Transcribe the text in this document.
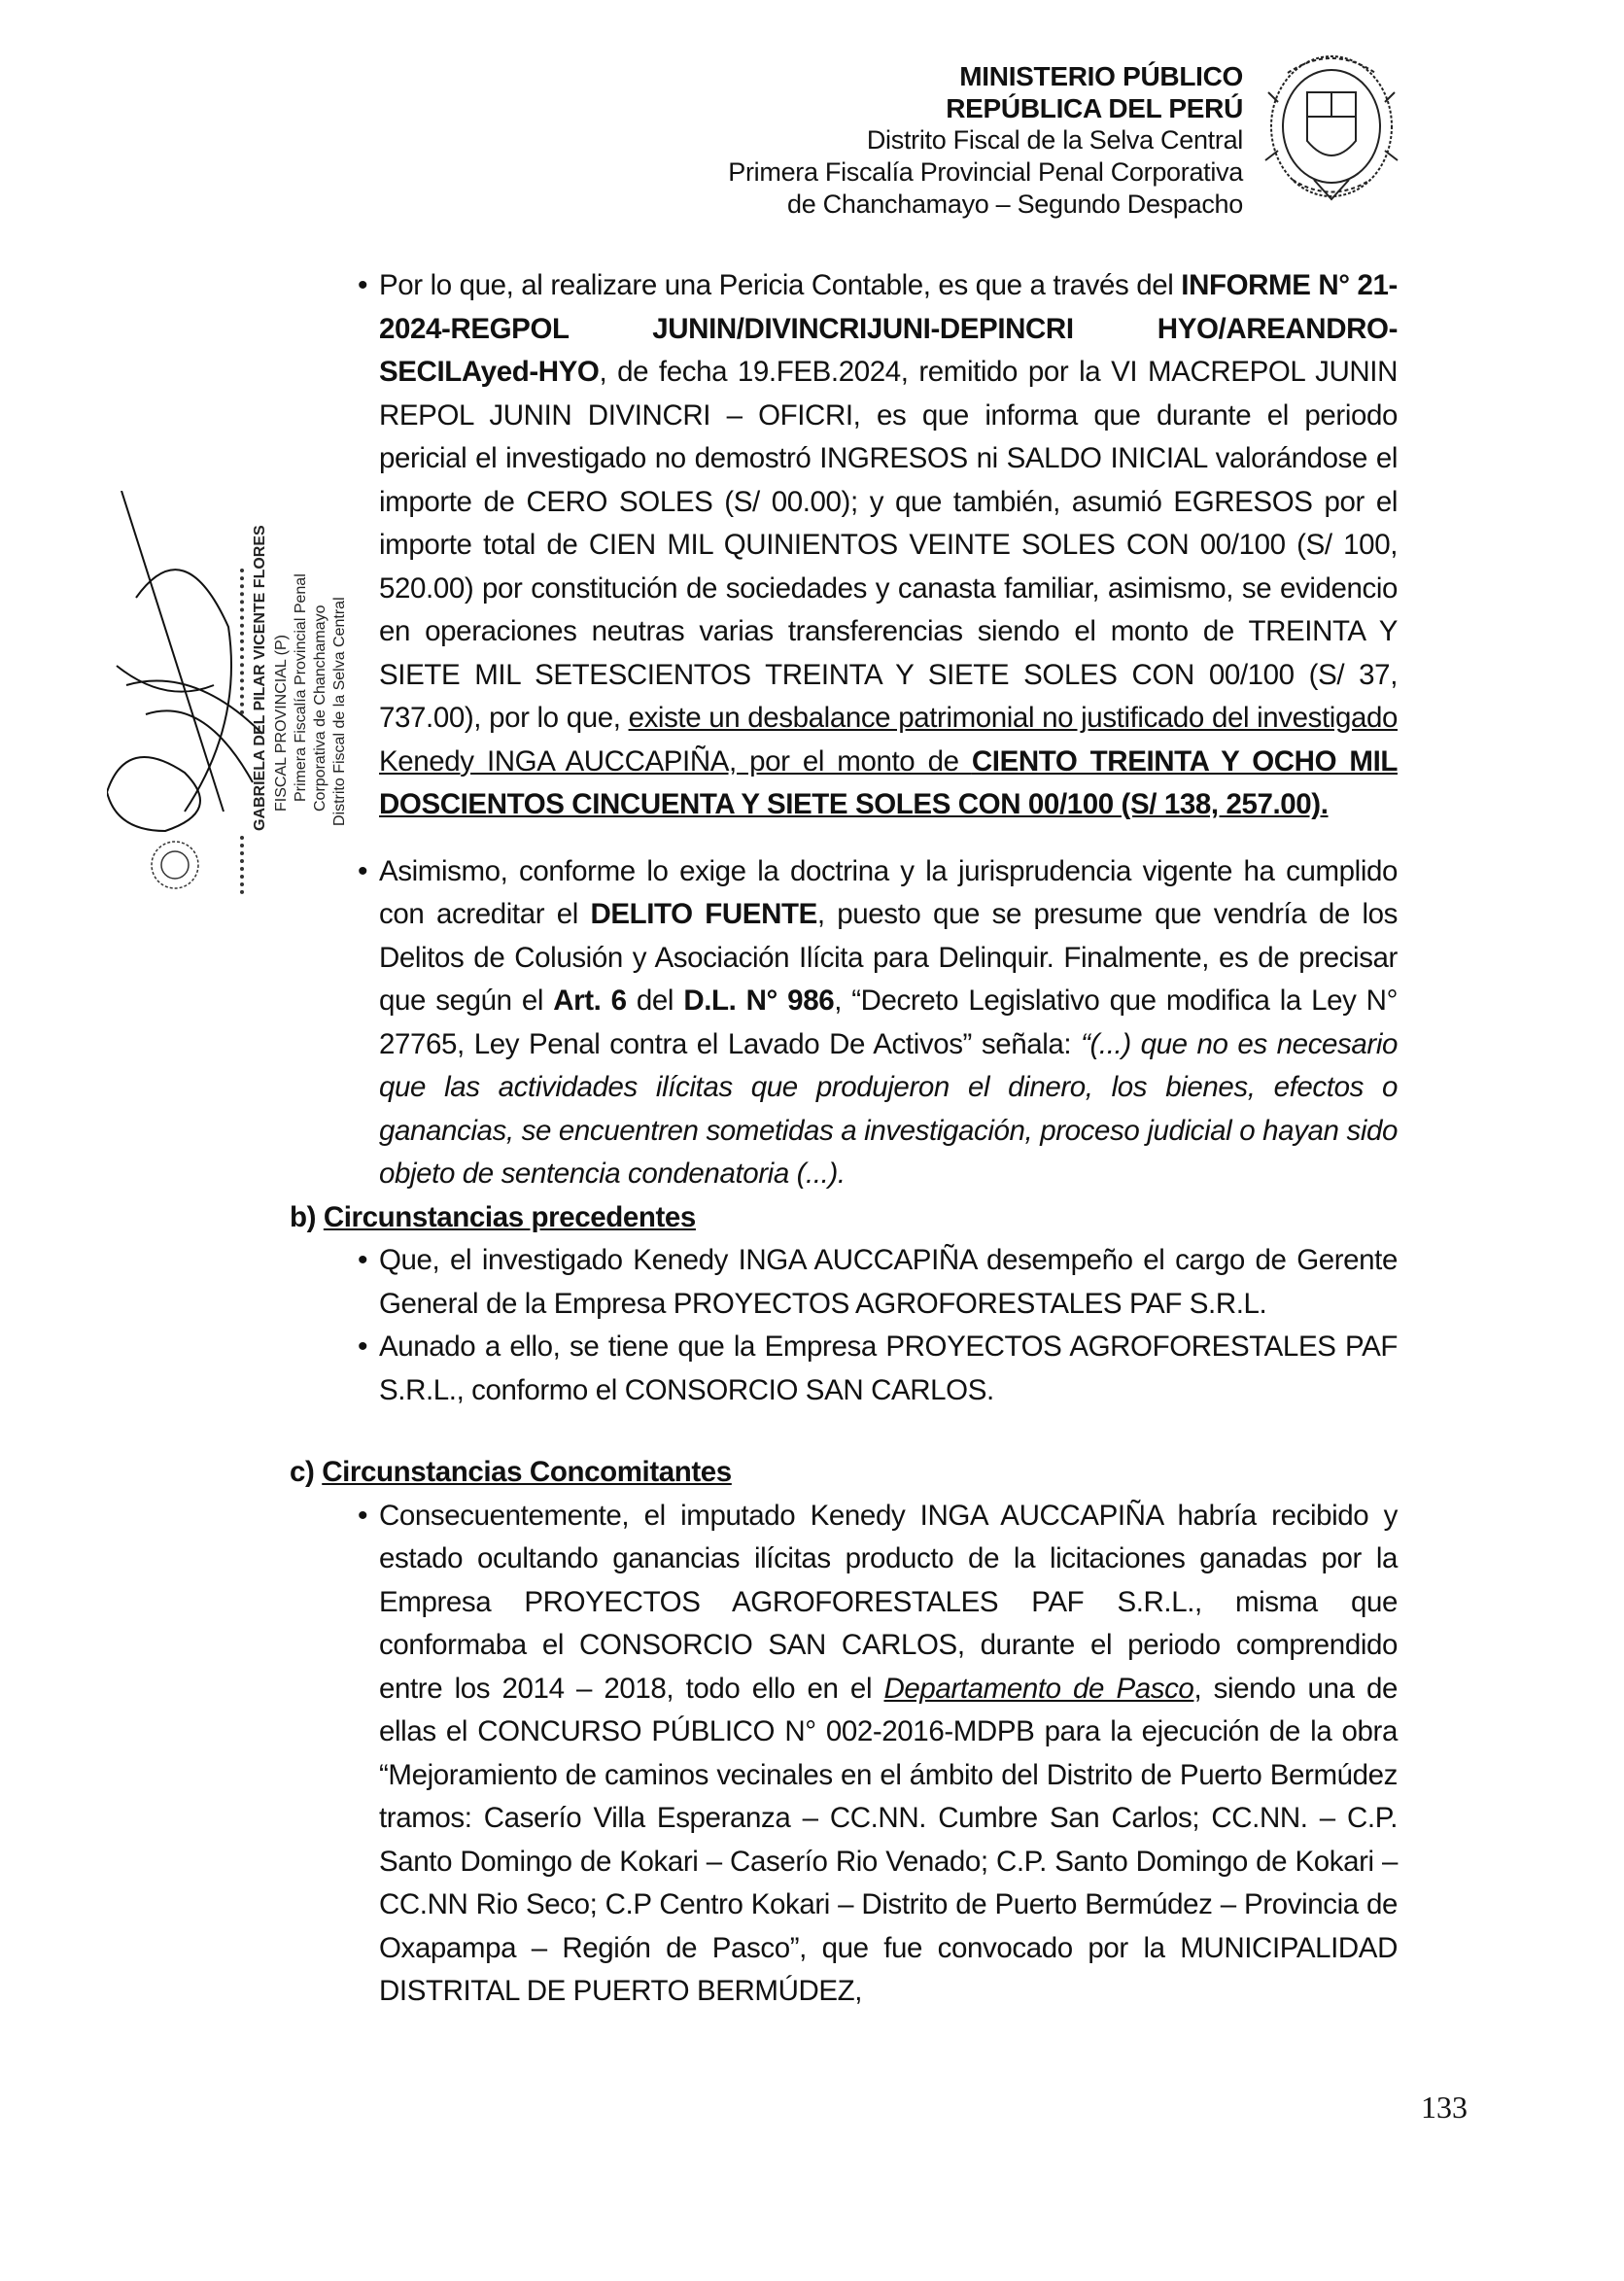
MINISTERIO PÚBLICO
REPÚBLICA DEL PERÚ
Distrito Fiscal de la Selva Central
Primera Fiscalía Provincial Penal Corporativa
de Chanchamayo – Segundo Despacho
GABRIELA DEL PILAR VICENTE FLORES FISCAL PROVINCIAL (P) Primera Fiscalía Provincial Penal Corporativa de Chanchamayo Distrito Fiscal de la Selva Central

• Por lo que, al realizare una Pericia Contable, es que a través del INFORME N° 21-2024-REGPOL JUNIN/DIVINCRIJUNI-DEPINCRI HYO/AREANDRO-SECILAyed-HYO, de fecha 19.FEB.2024, remitido por la VI MACREPOL JUNIN REPOL JUNIN DIVINCRI – OFICRI, es que informa que durante el periodo pericial el investigado no demostró INGRESOS ni SALDO INICIAL valorándose el importe de CERO SOLES (S/ 00.00); y que también, asumió EGRESOS por el importe total de CIEN MIL QUINIENTOS VEINTE SOLES CON 00/100 (S/ 100, 520.00) por constitución de sociedades y canasta familiar, asimismo, se evidencio en operaciones neutras varias transferencias siendo el monto de TREINTA Y SIETE MIL SETESCIENTOS TREINTA Y SIETE SOLES CON 00/100 (S/ 37, 737.00), por lo que, existe un desbalance patrimonial no justificado del investigado Kenedy INGA AUCCAPIÑA, por el monto de CIENTO TREINTA Y OCHO MIL DOSCIENTOS CINCUENTA Y SIETE SOLES CON 00/100 (S/ 138, 257.00).

• Asimismo, conforme lo exige la doctrina y la jurisprudencia vigente ha cumplido con acreditar el DELITO FUENTE, puesto que se presume que vendría de los Delitos de Colusión y Asociación Ilícita para Delinquir. Finalmente, es de precisar que según el Art. 6 del D.L. N° 986, “Decreto Legislativo que modifica la Ley N° 27765, Ley Penal contra el Lavado De Activos” señala: “(...) que no es necesario que las actividades ilícitas que produjeron el dinero, los bienes, efectos o ganancias, se encuentren sometidas a investigación, proceso judicial o hayan sido objeto de sentencia condenatoria (...).

b) Circunstancias precedentes

• Que, el investigado Kenedy INGA AUCCAPIÑA desempeño el cargo de Gerente General de la Empresa PROYECTOS AGROFORESTALES PAF S.R.L.

• Aunado a ello, se tiene que la Empresa PROYECTOS AGROFORESTALES PAF S.R.L., conformo el CONSORCIO SAN CARLOS.

c) Circunstancias Concomitantes

• Consecuentemente, el imputado Kenedy INGA AUCCAPIÑA habría recibido y estado ocultando ganancias ilícitas producto de la licitaciones ganadas por la Empresa PROYECTOS AGROFORESTALES PAF S.R.L., misma que conformaba el CONSORCIO SAN CARLOS, durante el periodo comprendido entre los 2014 – 2018, todo ello en el Departamento de Pasco, siendo una de ellas el CONCURSO PÚBLICO N° 002-2016-MDPB para la ejecución de la obra “Mejoramiento de caminos vecinales en el ámbito del Distrito de Puerto Bermúdez tramos: Caserío Villa Esperanza – CC.NN. Cumbre San Carlos; CC.NN. – C.P. Santo Domingo de Kokari – Caserío Rio Venado; C.P. Santo Domingo de Kokari – CC.NN Rio Seco; C.P Centro Kokari – Distrito de Puerto Bermúdez – Provincia de Oxapampa – Región de Pasco”, que fue convocado por la MUNICIPALIDAD DISTRITAL DE PUERTO BERMÚDEZ,

133
